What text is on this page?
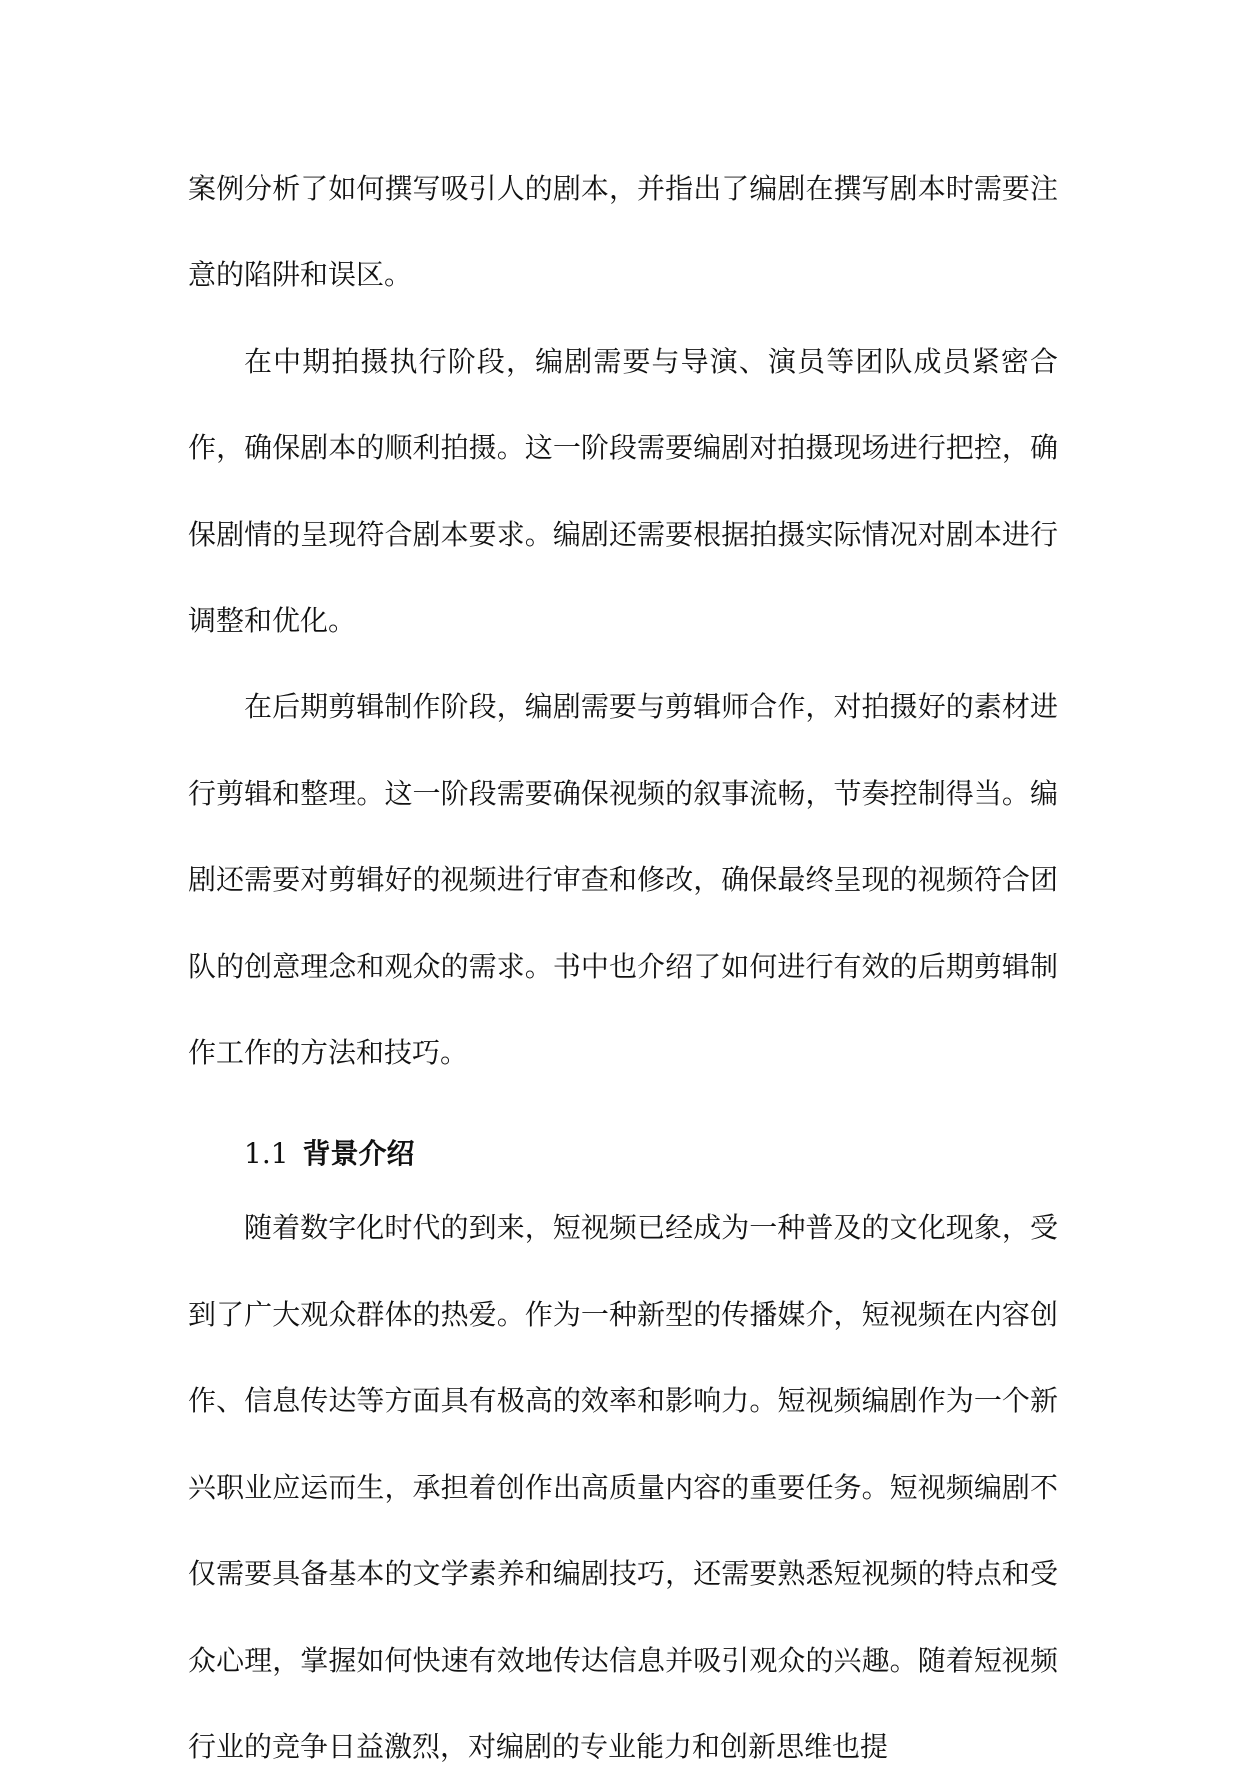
案例分析了如何撰写吸引人的剧本，并指出了编剧在撰写剧本时需要注意的陷阱和误区。

在中期拍摄执行阶段，编剧需要与导演、演员等团队成员紧密合作，确保剧本的顺利拍摄。这一阶段需要编剧对拍摄现场进行把控，确保剧情的呈现符合剧本要求。编剧还需要根据拍摄实际情况对剧本进行调整和优化。

在后期剪辑制作阶段，编剧需要与剪辑师合作，对拍摄好的素材进行剪辑和整理。这一阶段需要确保视频的叙事流畅，节奏控制得当。编剧还需要对剪辑好的视频进行审查和修改，确保最终呈现的视频符合团队的创意理念和观众的需求。书中也介绍了如何进行有效的后期剪辑制作工作的方法和技巧。

1.1 背景介绍

随着数字化时代的到来，短视频已经成为一种普及的文化现象，受到了广大观众群体的热爱。作为一种新型的传播媒介，短视频在内容创作、信息传达等方面具有极高的效率和影响力。短视频编剧作为一个新兴职业应运而生，承担着创作出高质量内容的重要任务。短视频编剧不仅需要具备基本的文学素养和编剧技巧，还需要熟悉短视频的特点和受众心理，掌握如何快速有效地传达信息并吸引观众的兴趣。随着短视频行业的竞争日益激烈，对编剧的专业能力和创新思维也提
